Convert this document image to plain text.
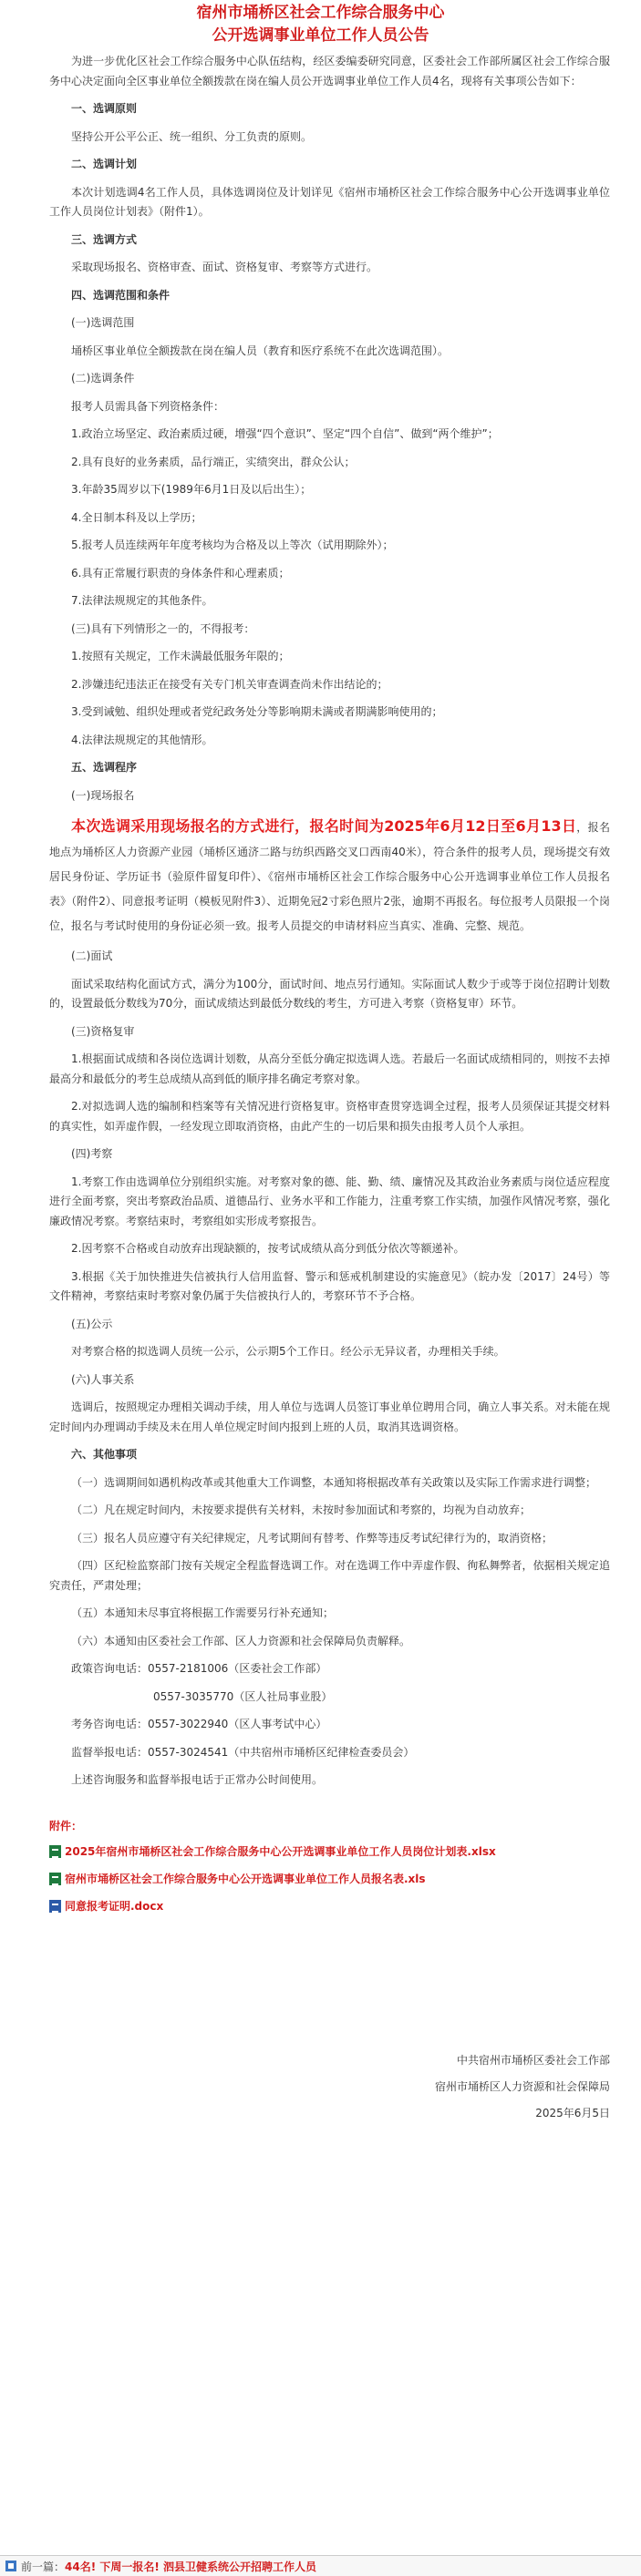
宿州市埇桥区社会工作综合服务中心
公开选调事业单位工作人员公告

为进一步优化区社会工作综合服务中心队伍结构，经区委编委研究同意，区委社会工作部所属区社会工作综合服务中心决定面向全区事业单位全额拨款在岗在编人员公开选调事业单位工作人员4名，现将有关事项公告如下：

一、选调原则

坚持公开公平公正、统一组织、分工负责的原则。

二、选调计划

本次计划选调4名工作人员，具体选调岗位及计划详见《宿州市埇桥区社会工作综合服务中心公开选调事业单位工作人员岗位计划表》（附件1）。

三、选调方式

采取现场报名、资格审查、面试、资格复审、考察等方式进行。

四、选调范围和条件

(一)选调范围

埇桥区事业单位全额拨款在岗在编人员（教育和医疗系统不在此次选调范围）。

(二)选调条件

报考人员需具备下列资格条件：

1.政治立场坚定、政治素质过硬，增强“四个意识”、坚定“四个自信”、做到“两个维护”；

2.具有良好的业务素质，品行端正，实绩突出，群众公认；

3.年龄35周岁以下(1989年6月1日及以后出生）；

4.全日制本科及以上学历；

5.报考人员连续两年年度考核均为合格及以上等次（试用期除外）；

6.具有正常履行职责的身体条件和心理素质；

7.法律法规规定的其他条件。

(三)具有下列情形之一的，不得报考：

1.按照有关规定，工作未满最低服务年限的；

2.涉嫌违纪违法正在接受有关专门机关审查调查尚未作出结论的；

3.受到诫勉、组织处理或者党纪政务处分等影响期未满或者期满影响使用的；

4.法律法规规定的其他情形。

五、选调程序

(一)现场报名

本次选调采用现场报名的方式进行，报名时间为2025年6月12日至6月13日，报名地点为埇桥区人力资源产业园（埇桥区通济二路与纺织西路交叉口西南40米），符合条件的报考人员，现场提交有效居民身份证、学历证书（验原件留复印件）、《宿州市埇桥区社会工作综合服务中心公开选调事业单位工作人员报名表》（附件2）、同意报考证明（模板见附件3）、近期免冠2寸彩色照片2张，逾期不再报名。每位报考人员限报一个岗位，报名与考试时使用的身份证必须一致。报考人员提交的申请材料应当真实、准确、完整、规范。

(二)面试

面试采取结构化面试方式，满分为100分，面试时间、地点另行通知。实际面试人数少于或等于岗位招聘计划数的，设置最低分数线为70分，面试成绩达到最低分数线的考生，方可进入考察（资格复审）环节。

(三)资格复审

1.根据面试成绩和各岗位选调计划数，从高分至低分确定拟选调人选。若最后一名面试成绩相同的，则按不去掉最高分和最低分的考生总成绩从高到低的顺序排名确定考察对象。

2.对拟选调人选的编制和档案等有关情况进行资格复审。资格审查贯穿选调全过程，报考人员须保证其提交材料的真实性，如弄虚作假，一经发现立即取消资格，由此产生的一切后果和损失由报考人员个人承担。

(四)考察

1.考察工作由选调单位分别组织实施。对考察对象的德、能、勤、绩、廉情况及其政治业务素质与岗位适应程度进行全面考察，突出考察政治品质、道德品行、业务水平和工作能力，注重考察工作实绩，加强作风情况考察，强化廉政情况考察。考察结束时，考察组如实形成考察报告。

2.因考察不合格或自动放弃出现缺额的，按考试成绩从高分到低分依次等额递补。

3.根据《关于加快推进失信被执行人信用监督、警示和惩戒机制建设的实施意见》（皖办发〔2017〕24号）等文件精神，考察结束时考察对象仍属于失信被执行人的，考察环节不予合格。

(五)公示

对考察合格的拟选调人员统一公示，公示期5个工作日。经公示无异议者，办理相关手续。

(六)人事关系

选调后，按照规定办理相关调动手续，用人单位与选调人员签订事业单位聘用合同，确立人事关系。对未能在规定时间内办理调动手续及未在用人单位规定时间内报到上班的人员，取消其选调资格。

六、其他事项

（一）选调期间如遇机构改革或其他重大工作调整，本通知将根据改革有关政策以及实际工作需求进行调整；

（二）凡在规定时间内，未按要求提供有关材料，未按时参加面试和考察的，均视为自动放弃；

（三）报名人员应遵守有关纪律规定，凡考试期间有替考、作弊等违反考试纪律行为的，取消资格；

（四）区纪检监察部门按有关规定全程监督选调工作。对在选调工作中弄虚作假、徇私舞弊者，依据相关规定追究责任，严肃处理；

（五）本通知未尽事宜将根据工作需要另行补充通知；

（六）本通知由区委社会工作部、区人力资源和社会保障局负责解释。

政策咨询电话：0557-2181006（区委社会工作部）

0557-3035770（区人社局事业股）

考务咨询电话：0557-3022940（区人事考试中心）

监督举报电话：0557-3024541（中共宿州市埇桥区纪律检查委员会）

上述咨询服务和监督举报电话于正常办公时间使用。

附件：
2025年宿州市埇桥区社会工作综合服务中心公开选调事业单位工作人员岗位计划表.xlsx
宿州市埇桥区社会工作综合服务中心公开选调事业单位工作人员报名表.xls
同意报考证明.docx
中共宿州市埇桥区委社会工作部
宿州市埇桥区人力资源和社会保障局
2025年6月5日
前一篇： 44名! 下周一报名! 泗县卫健系统公开招聘工作人员
